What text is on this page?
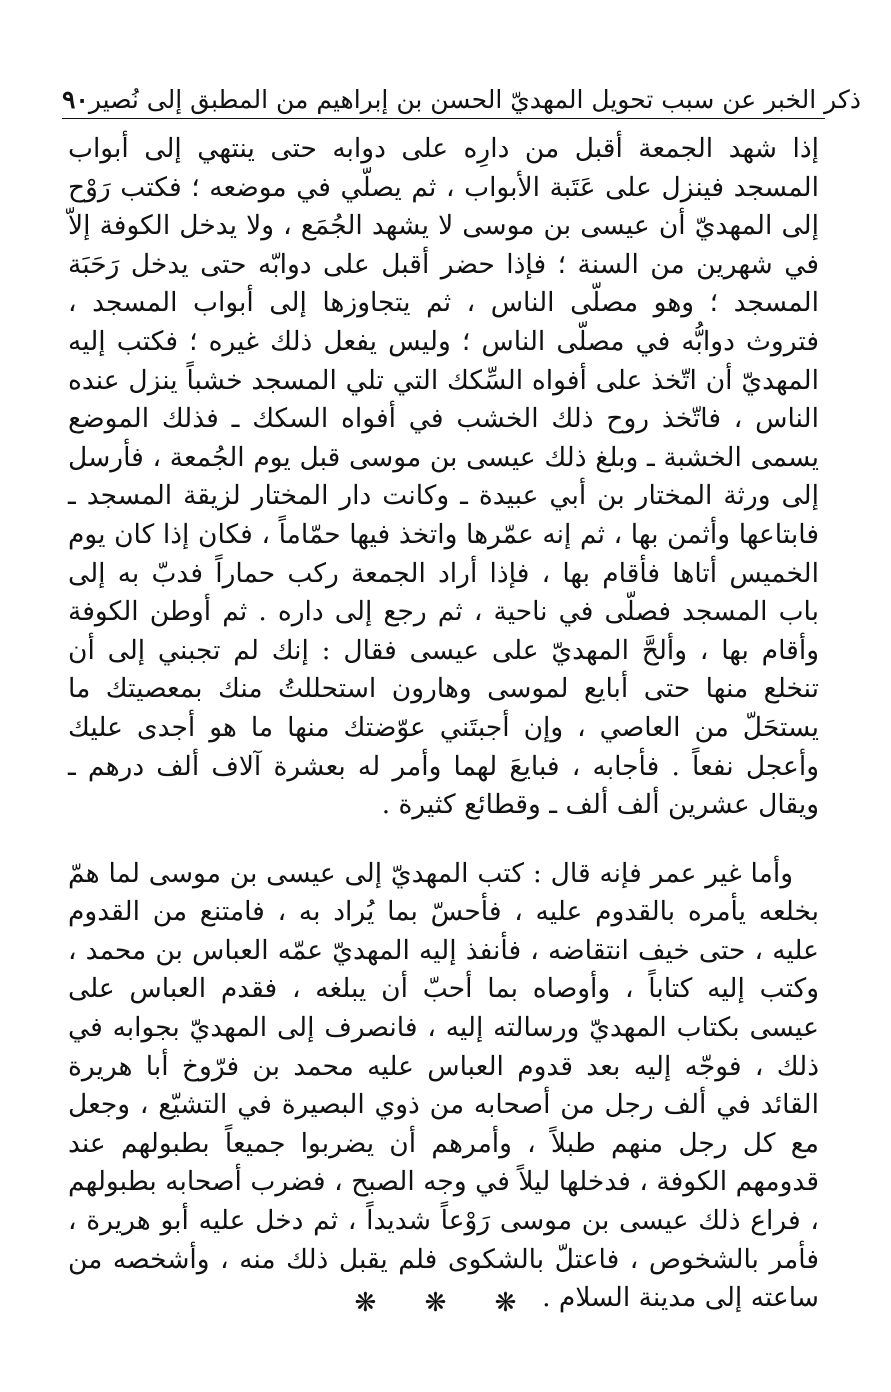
٩٠ ذكر الخبر عن سبب تحويل المهديّ الحسن بن إبراهيم من المطبق إلى نُصير

إذا شهد الجمعة أقبل من دارِه على دوابه حتى ينتهي إلى أبواب المسجد فينزل على عَتَبة الأبواب ، ثم يصلّي في موضعه ؛ فكتب رَوْح إلى المهديّ أن عيسى بن موسى لا يشهد الجُمَع ، ولا يدخل الكوفة إلاّ في شهرين من السنة ؛ فإذا حضر أقبل على دوابّه حتى يدخل رَحَبَة المسجد ؛ وهو مصلّى الناس ، ثم يتجاوزها إلى أبواب المسجد ، فتروث دوابُّه في مصلّى الناس ؛ وليس يفعل ذلك غيره ؛ فكتب إليه المهديّ أن اتّخذ على أفواه السِّكك التي تلي المسجد خشباً ينزل عنده الناس ، فاتّخذ روح ذلك الخشب في أفواه السكك ـ فذلك الموضع يسمى الخشبة ـ وبلغ ذلك عيسى بن موسى قبل يوم الجُمعة ، فأرسل إلى ورثة المختار بن أبي عبيدة ـ وكانت دار المختار لزيقة المسجد ـ فابتاعها وأثمن بها ، ثم إنه عمّرها واتخذ فيها حمّاماً ، فكان إذا كان يوم الخميس أتاها فأقام بها ، فإذا أراد الجمعة ركب حماراً فدبّ به إلى باب المسجد فصلّى في ناحية ، ثم رجع إلى داره . ثم أوطن الكوفة وأقام بها ، وألحَّ المهديّ على عيسى فقال : إنك لم تجبني إلى أن تنخلع منها حتى أبايع لموسى وهارون استحللتُ منك بمعصيتك ما يستحَلّ من العاصي ، وإن أجبتَني عوّضتك منها ما هو أجدى عليك وأعجل نفعاً . فأجابه ، فبايعَ لهما وأمر له بعشرة آلاف ألف درهم ـ ويقال عشرين ألف ألف ـ وقطائع كثيرة .

وأما غير عمر فإنه قال : كتب المهديّ إلى عيسى بن موسى لما همّ بخلعه يأمره بالقدوم عليه ، فأحسّ بما يُراد به ، فامتنع من القدوم عليه ، حتى خيف انتقاضه ، فأنفذ إليه المهديّ عمّه العباس بن محمد ، وكتب إليه كتاباً ، وأوصاه بما أحبّ أن يبلغه ، فقدم العباس على عيسى بكتاب المهديّ ورسالته إليه ، فانصرف إلى المهديّ بجوابه في ذلك ، فوجّه إليه بعد قدوم العباس عليه محمد بن فرّوخ أبا هريرة القائد في ألف رجل من أصحابه من ذوي البصيرة في التشيّع ، وجعل مع كل رجل منهم طبلاً ، وأمرهم أن يضربوا جميعاً بطبولهم عند قدومهم الكوفة ، فدخلها ليلاً في وجه الصبح ، فضرب أصحابه بطبولهم ، فراع ذلك عيسى بن موسى رَوْعاً شديداً ، ثم دخل عليه أبو هريرة ، فأمر بالشخوص ، فاعتلّ بالشكوى فلم يقبل ذلك منه ، وأشخصه من ساعته إلى مدينة السلام .

❋ ❋ ❋
